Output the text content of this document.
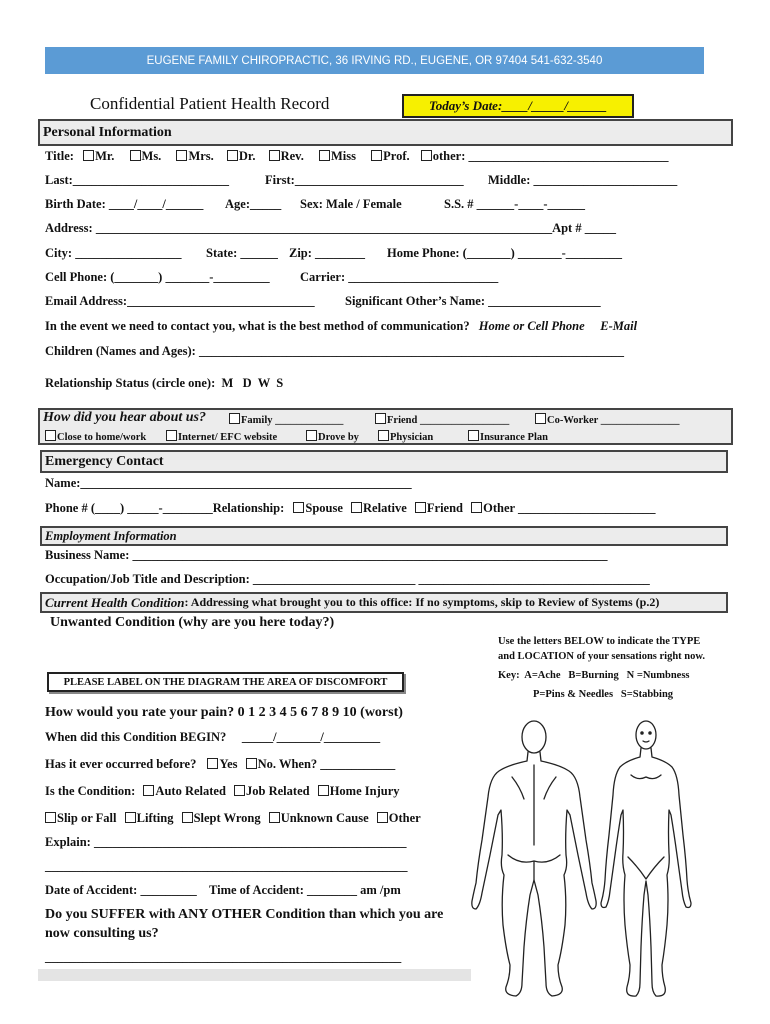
EUGENE FAMILY CHIROPRACTIC, 36 IRVING RD., EUGENE, OR 97404 541-632-3540
Confidential Patient Health Record	Today’s Date:____/_____/______
Personal Information
Title: Mr. Ms. Mrs. Dr. Rev. Miss Prof. other: ________________________________
Last:_________________________	First:___________________________ Middle: _______________________
Birth Date: ____/____/______ Age:_____ Sex: Male / Female	S.S. # ______-____-______
Address: _________________________________________________________________________Apt # _____
City: _________________ State: ______ Zip: ________ Home Phone: (_______) _______-_________
Cell Phone: (_______) _______-_________ Carrier: ________________________
Email Address:______________________________ Significant Other’s Name: __________________
In the event we need to contact you, what is the best method of communication? Home or Cell Phone     E-Mail
Children (Names and Ages): ____________________________________________________________________
Relationship Status (circle one):  M   D  W  S
How did you hear about us?	Family _____________	Friend _________________	Co-Worker _______________
Close to home/work	Internet/ EFC website	Drove by	Physician	Insurance Plan
Emergency Contact
Name:_____________________________________________________
Phone # (____) _____-________Relationship: Spouse Relative Friend Other ______________________
Employment Information
Business Name: ____________________________________________________________________________
Occupation/Job Title and Description: __________________________ _____________________________________
Current Health Condition : Addressing what brought you to this office: If no symptoms, skip to Review of Systems (p.2)
Unwanted Condition (why are you here today?)
Use the letters BELOW to indicate the TYPE
and LOCATION of your sensations right now.
Key:  A=Ache   B=Burning   N =Numbness
P=Pins & Needles   S=Stabbing
PLEASE LABEL ON THE DIAGRAM THE AREA OF DISCOMFORT
How would you rate your pain? 0 1 2 3 4 5 6 7 8 9 10 (worst)
When did this Condition BEGIN?     _____/_______/_________
Has it ever occurred before? Yes No. When? ____________
Is the Condition: Auto Related Job Related Home Injury
Slip or Fall Lifting Slept Wrong Unknown Cause Other
Explain: __________________________________________________
__________________________________________________________
Date of Accident: _________    Time of Accident: ________ am /pm
Do you SUFFER with ANY OTHER Condition than which you are
now consulting us?
_________________________________________________________
